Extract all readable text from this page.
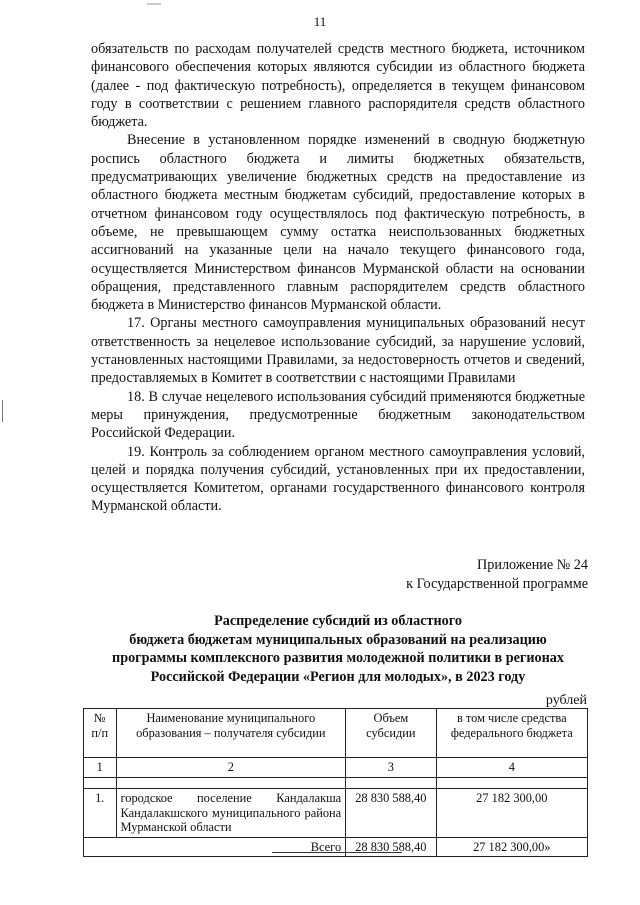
11

обязательств по расходам получателей средств местного бюджета, источником финансового обеспечения которых являются субсидии из областного бюджета (далее - под фактическую потребность), определяется в текущем финансовом году в соответствии с решением главного распорядителя средств областного бюджета.

Внесение в установленном порядке изменений в сводную бюджетную роспись областного бюджета и лимиты бюджетных обязательств, предусматривающих увеличение бюджетных средств на предоставление из областного бюджета местным бюджетам субсидий, предоставление которых в отчетном финансовом году осуществлялось под фактическую потребность, в объеме, не превышающем сумму остатка неиспользованных бюджетных ассигнований на указанные цели на начало текущего финансового года, осуществляется Министерством финансов Мурманской области на основании обращения, представленного главным распорядителем средств областного бюджета в Министерство финансов Мурманской области.

17. Органы местного самоуправления муниципальных образований несут ответственность за нецелевое использование субсидий, за нарушение условий, установленных настоящими Правилами, за недостоверность отчетов и сведений, предоставляемых в Комитет в соответствии с настоящими Правилами

18. В случае нецелевого использования субсидий применяются бюджетные меры принуждения, предусмотренные бюджетным законодательством Российской Федерации.

19. Контроль за соблюдением органом местного самоуправления условий, целей и порядка получения субсидий, установленных при их предоставлении, осуществляется Комитетом, органами государственного финансового контроля Мурманской области.

Приложение № 24
к Государственной программе
Распределение субсидий из областного
бюджета бюджетам муниципальных образований на реализацию
программы комплексного развития молодежной политики в регионах
Российской Федерации «Регион для молодых», в 2023 году
рублей
№ п/п	Наименование муниципального образования – получателя субсидии	Объем субсидии	в том числе средства федерального бюджета
1	2	3	4

1.	городское поселение Кандалакша Кандалакшского муниципального района Мурманской области	28 830 588,40	27 182 300,00
Всего		28 830 588,40	27 182 300,00»
